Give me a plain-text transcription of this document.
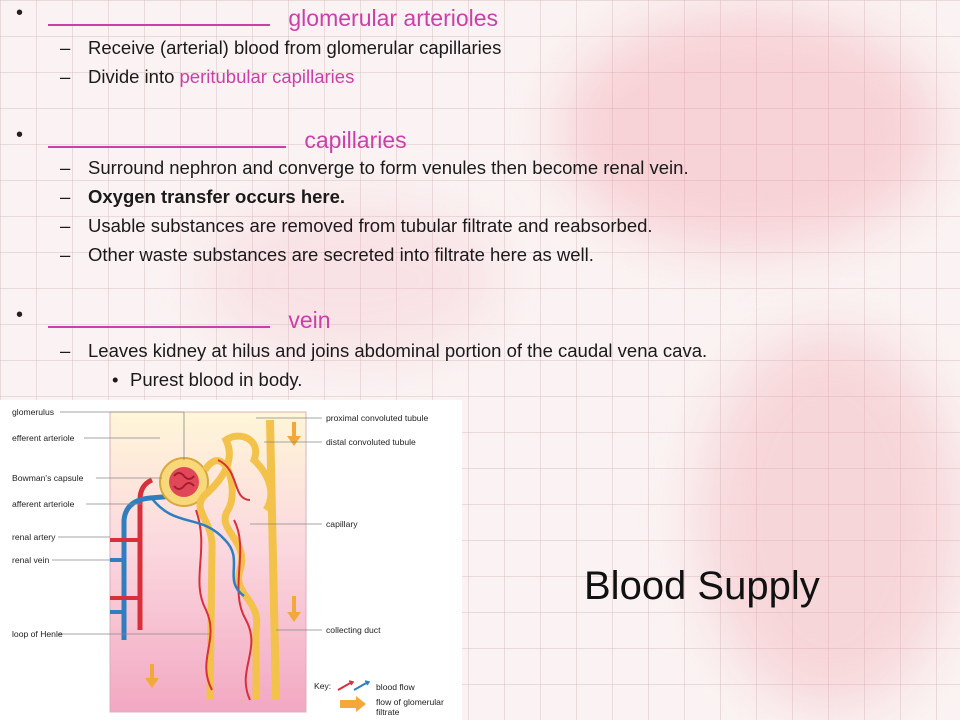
•	glomerular arterioles
– Receive (arterial) blood from glomerular capillaries
– Divide into peritubular capillaries
•	capillaries
– Surround nephron and converge to form venules then become renal vein.
– Oxygen transfer occurs here.
– Usable substances are removed from tubular filtrate and reabsorbed.
– Other waste substances are secreted into filtrate here as well.
•	vein
– Leaves kidney at hilus and joins abdominal portion of the caudal vena cava.
• Purest blood in body.
glomerulus
efferent arteriole
Bowman's capsule
afferent arteriole
renal artery
renal vein
loop of Henle
proximal convoluted tubule
distal convoluted tubule
capillary
collecting duct
Key:	blood flow
flow of glomerular
filtrate
Blood Supply
